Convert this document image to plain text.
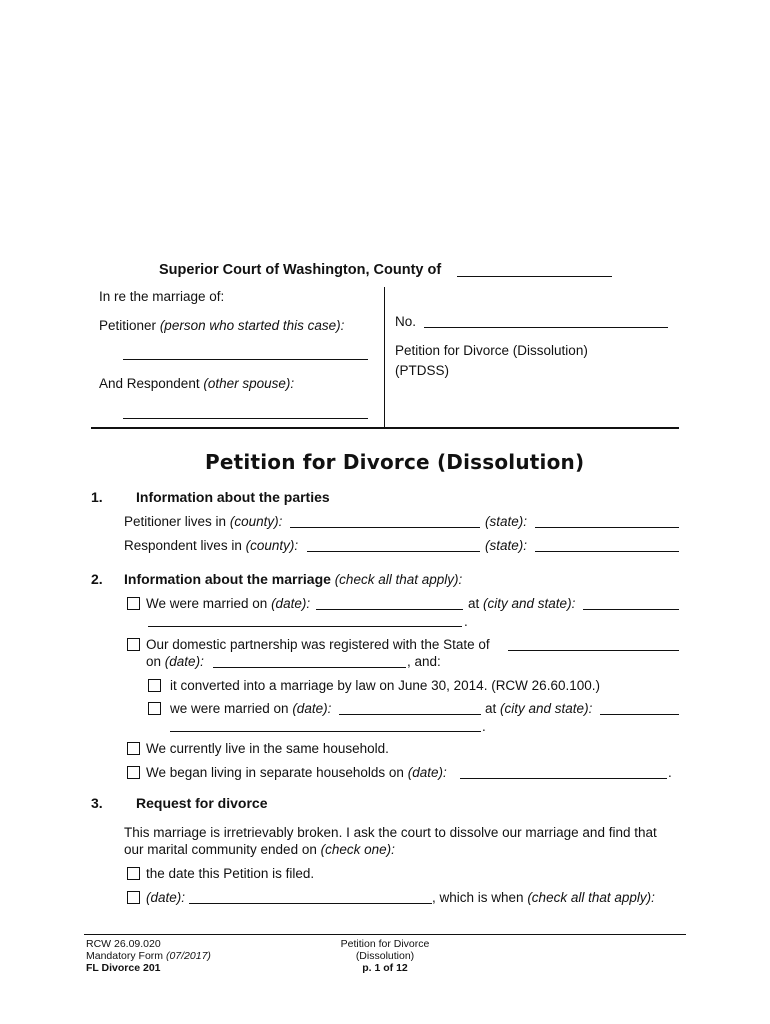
Superior Court of Washington, County of
In re the marriage of:
Petitioner (person who started this case):
And Respondent (other spouse):
No.
Petition for Divorce (Dissolution)
(PTDSS)
Petition for Divorce (Dissolution)
1. Information about the parties
Petitioner lives in (county):	(state):
Respondent lives in (county):	(state):
2. Information about the marriage (check all that apply):
We were married on (date):	at (city and state):
.
Our domestic partnership was registered with the State of
on (date):	, and:
it converted into a marriage by law on June 30, 2014. (RCW 26.60.100.)
we were married on (date):	at (city and state):
.
We currently live in the same household.
We began living in separate households on (date):	.
3. Request for divorce
This marriage is irretrievably broken. I ask the court to dissolve our marriage and find that
our marital community ended on (check one):
the date this Petition is filed.
(date):	, which is when (check all that apply):
RCW 26.09.020
Mandatory Form (07/2017)
FL Divorce 201
Petition for Divorce
(Dissolution)
p. 1 of 12
